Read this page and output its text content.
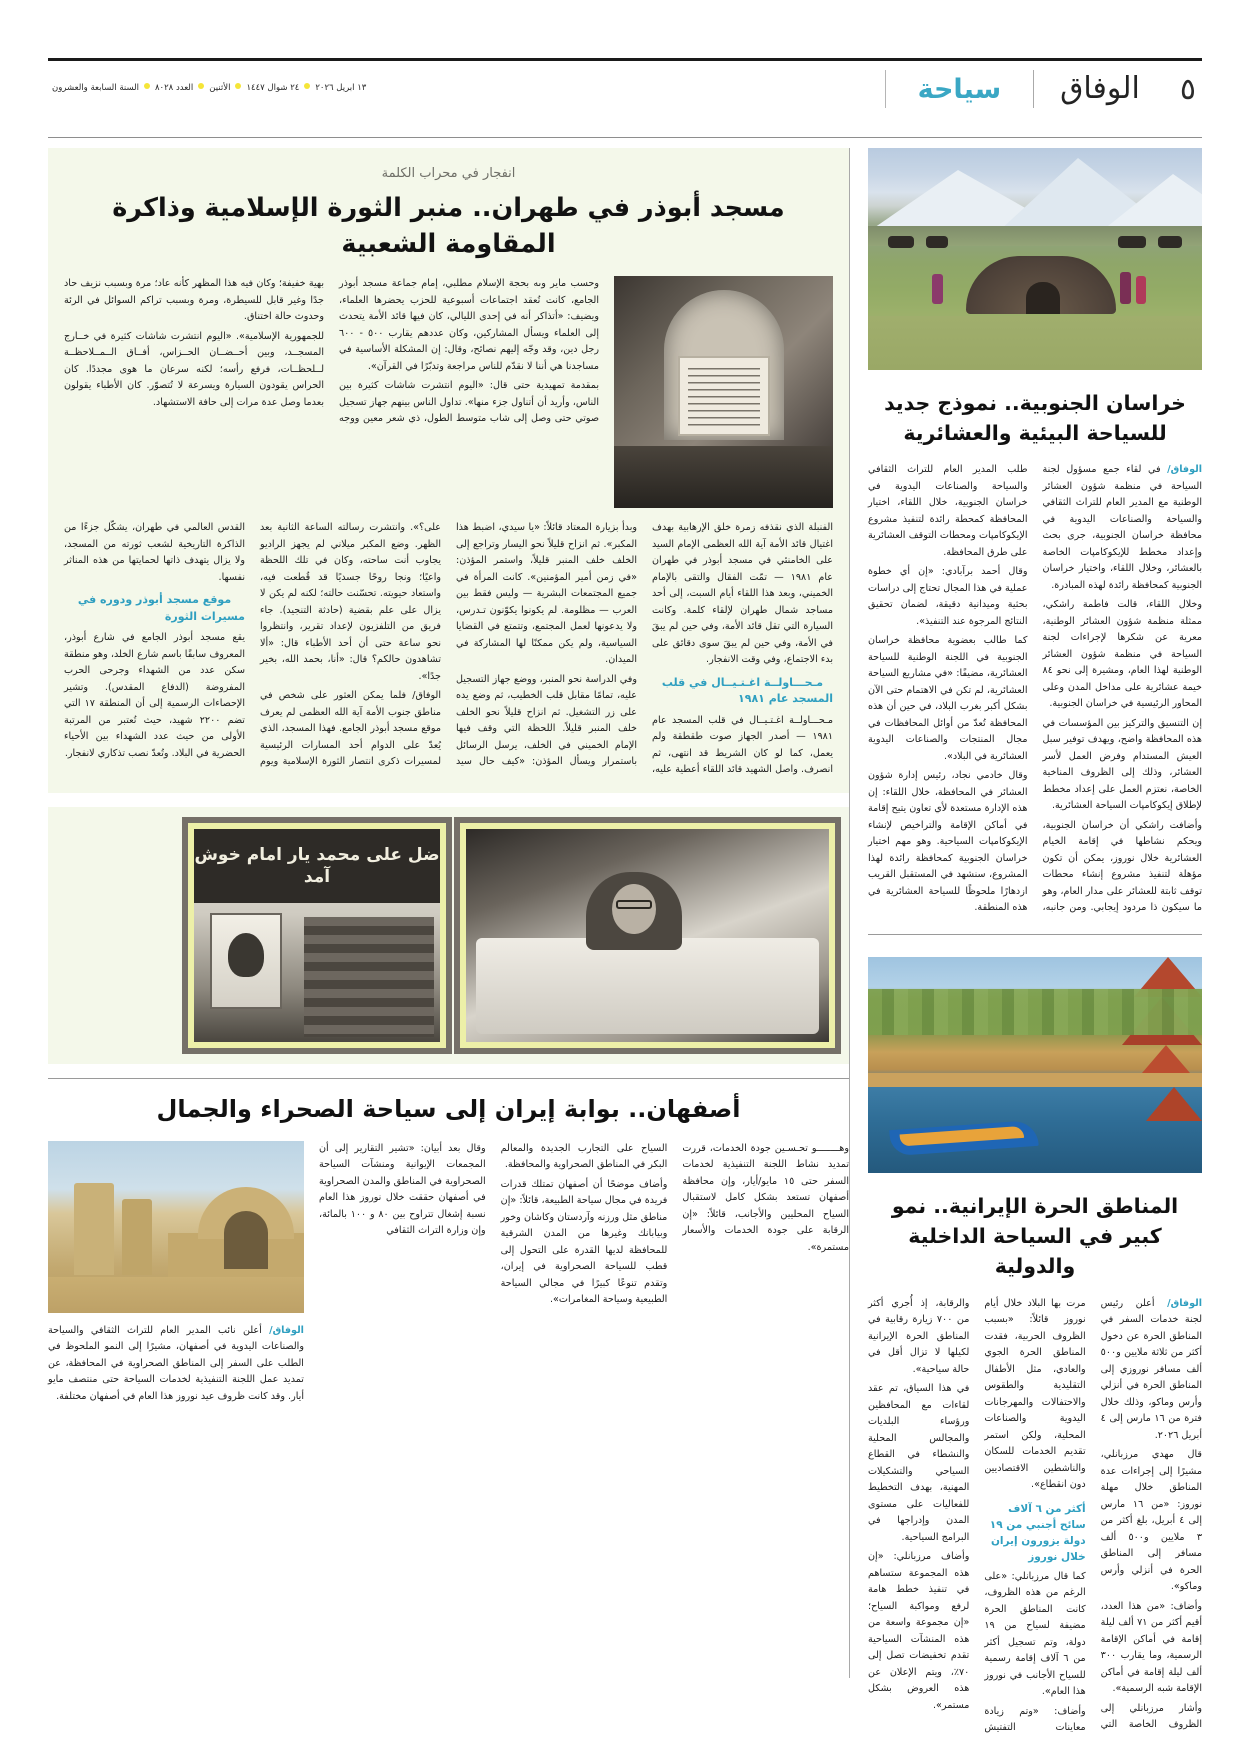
٥
الوفاق
سياحة
السنة السابعة والعشرون العدد ٨٠٢٨ الأثنين ٢٤ شوال ١٤٤٧ ١٣ ابريل ٢٠٢٦
خراسان الجنوبية.. نموذج جديد للسياحة البيئية والعشائرية

الوفاق/ في لقاء جمع مسؤول لجنة السياحة في منظمة شؤون العشائر الوطنية مع المدير العام للتراث الثقافي والسياحة والصناعات اليدوية في محافظة خراسان الجنوبية، جرى بحث وإعداد مخطط للإيكوكامپات الخاصة بالعشائر، وخلال اللقاء، واختيار خراسان الجنوبية كمحافظة رائدة لهذه المبادرة.

وخلال اللقاء، قالت فاطمة راشكي، ممثلة منظمة شؤون العشائر الوطنية، معرية عن شكرها لإجراءات لجنة السياحة في منظمة شؤون العشائر الوطنية لهذا العام، ومشيرة إلى نحو ٨٤ خيمة عشائرية على مداخل المدن وعلى المحاور الرئيسية في خراسان الجنوبية.

إن التنسيق والتركيز بين المؤسسات في هذه المحافظة واضح، ويهدف توفير سبل العيش المستدام وفرض العمل لأسر العشائر، وذلك إلى الظروف المناخية الخاصة، نعتزم العمل على إعداد مخطط لإطلاق إيكوكامپات السياحة العشائرية.

وأضافت راشكي أن خراسان الجنوبية، ويحكم نشاطها في إقامة الخيام العشائرية خلال نوروز، يمكن أن تكون مؤهلة لتنفيذ مشروع إنشاء محطات توقف ثابتة للعشائر على مدار العام، وهو ما سيكون ذا مردود إيجابي. ومن جانبه، طلب المدير العام للتراث الثقافي والسياحة والصناعات اليدوية في خراسان الجنوبية، خلال اللقاء، اختيار المحافظة كمحطة رائدة لتنفيذ مشروع الإيكوكامپات ومحطات التوقف العشائرية على طرق المحافظة.

وقال أحمد برآبادي: «إن أي خطوة عملية في هذا المجال تحتاج إلى دراسات بحثية وميدانية دقيقة، لضمان تحقيق النتائج المرجوة عند التنفيذ».

كما طالب بعضوية محافظة خراسان الجنوبية في اللجنة الوطنية للسياحة العشائرية، مضيفًا: «في مشاريع السياحة العشائرية، لم تكن في الاهتمام حتى الآن بشكل أكبر بغرب البلاد، في حين أن هذه المحافظة تُعدّ من أوائل المحافظات في مجال المنتجات والصناعات اليدوية العشائرية في البلاد».

وقال خادمي نجاد، رئيس إدارة شؤون العشائر في المحافظة، خلال اللقاء: إن هذه الإدارة مستعدة لأي تعاون يتيح إقامة في أماكن الإقامة والتراخيص لإنشاء الإيكوكامپات السياحية. وهو مهم اختيار خراسان الجنوبية كمحافظة رائدة لهذا المشروع، سنشهد في المستقبل القريب ازدهارًا ملحوظًا للسياحة العشائرية في هذه المنطقة.

المناطق الحرة الإيرانية.. نمو كبير في السياحة الداخلية والدولية

الوفاق/ أعلن رئيس لجنة خدمات السفر في المناطق الحرة عن دخول أكثر من ثلاثة ملايين و٥٠٠ ألف مسافر نوروزي إلى المناطق الحرة في أنزلي وأرس وماكو، وذلك خلال فترة من ١٦ مارس إلى ٤ أبريل ٢٠٢٦.

قال مهدي مرزبانلي، مشيرًا إلى إجراءات عدة المناطق خلال مهلة نوروز: «من ١٦ مارس إلى ٤ أبريل، بلغ أكثر من ٣ ملايين و٥٠٠ ألف مسافر إلى المناطق الحرة في أنزلي وأرس وماكو».

وأضاف: «من هذا العدد، أقيم أكثر من ٧١ ألف ليلة إقامة في أماكن الإقامة الرسمية، وما يقارب ٣٠٠ ألف ليلة إقامة في أماكن الإقامة شبه الرسمية».

وأشار مرزبانلي إلى الظروف الخاصة التي مرت بها البلاد خلال أيام نوروز قائلاً: «بسبب الظروف الحربية، فقدت المناطق الحرة الجوي والعادي، مثل الأطفال التقليدية والطقوس والاحتفالات والمهرجانات اليدوية والصناعات المحلية، ولكن استمر تقديم الخدمات للسكان والناشطين الاقتصاديين دون انقطاع».

أكثر من ٦ آلاف سائح أجنبي من ١٩ دولة يزورون إيران خلال نوروز

كما قال مرزبانلي: «على الرغم من هذه الظروف، كانت المناطق الحرة مضيفة لسياح من ١٩ دولة، وتم تسجيل أكثر من ٦ آلاف إقامة رسمية للسياح الأجانب في نوروز هذا العام».

وأضاف: «وتم زيادة معاينات التفتيش والرقابة، إذ أُجري أكثر من ٧٠٠ زيارة رقابية في المناطق الحرة الإيرانية لكيلها لا تزال أقل في حالة سياحية».

في هذا السياق، تم عقد لقاءات مع المحافظين ورؤساء البلديات والمجالس المحلية والنشطاء في القطاع السياحي والتشكيلات المهنية، بهدف التخطيط للفعاليات على مستوى المدن وإدراجها في البرامج السياحية.

وأضاف مرزبانلي: «إن هذه المجموعة ستساهم في تنفيذ خطط هامة لرفع ومواكبة السياح؛ «إن مجموعة واسعة من هذه المنشآت السياحية تقدم تخفيضات تصل إلى ٧٠٪، ويتم الإعلان عن هذه العروض بشكل مستمر».

انفجار في محراب الكلمة
مسجد أبوذر في طهران.. منبر الثورة الإسلامية وذاكرة المقاومة الشعبية

وحسب ماير وىه بحجة الإسلام مطلبي، إمام جماعة مسجد أبوذر الجامع، كانت تُعقد اجتماعات أسبوعية للحزب يحضرها العلماء، ويضيف: «أتذاكر أنه في إحدى الليالي، كان فيها قائد الأمة يتحدث إلى العلماء ويسأل المشاركين، وكان عددهم يقارب ٥٠٠ - ٦٠٠ رجل دين، وقد وجّه إليهم نصائح، وقال: إن المشكلة الأساسية في مساجدنا هي أننا لا نقدّم للناس مراجعة وتدبّرًا في القرآن».

بمقدمة تمهيدية حتى قال: «اليوم انتشرت شاشات كثيرة بين الناس، وأريد أن أتناول جزء منها». تداول الناس بينهم جهاز تسجيل صوتي حتى وصل إلى شاب متوسط الطول، ذي شعر معين ووجه بهية خفيفة؛ وكان فيه هذا المظهر كأنه عاد؛ مرة وبسبب نزيف حاد جدًا وغير قابل للسيطرة، ومرة وبسبب تراكم السوائل في الرئة وحدوث حالة اختناق.

للجمهورية الإسلامية». «اليوم انتشرت شاشات كثيرة في خــارج المسجــد، وبين أحــضــان الحــزاس، أفــاق الــمــلاحظــة لــلحظــات، فرفع رأسه؛ لكنه سرعان ما هوى مجددًا. كان الحراس يقودون السيارة ويسرعة لا تُتصوّر. كان الأطباء يقولون بعدما وصل عدة مرات إلى حافة الاستشهاد.

الفنبلة الذي نقذفه زمرة خلق الإرهابية بهدف اغتيال قائد الأمة آية الله العظمى الإمام السيد على الخامنئي في مسجد أبوذر في طهران عام ١٩٨١ — تمّت الفقال والتقى بالإمام الخميني، وبعد هذا اللقاء أيام السبت، إلى أحد مساجد شمال طهران لإلقاء كلمة. وكانت السيارة التي تقل قائد الأمة، وفي حين لم يبقَ في الأمة، وفي حين لم يبقَ سوى دقائق على بدء الاجتماع، وفي وقت الانفجار.

مـحـــاولــة اغـتـيــال في قلب المسجد عام ١٩٨١

مـحـــاولــة اغـتـيــال في قلب المسجد عام ١٩٨١ — أصدر الجهاز صوت طقطقة ولم يعمل، كما لو كان الشريط قد انتهى، ثم انصرف. واصل الشهيد قائد اللقاء أعطية عليه، وبدأ بزيارة المعتاد قائلاً: «يا سيدي، اضبط هذا المكبر». ثم انزاح قليلاً نحو اليسار وتراجع إلى الخلف خلف المنبر قليلاً، واستمر المؤذن: «في زمن أمير المؤمنين». كانت المرأة في جميع المجتمعات البشرية — وليس فقط بين العرب — مظلومة. لم يكونوا يكوّنون تـدرس، ولا يدعونها لعمل المجتمع، وتتمتع في القضايا السياسية، ولم يكن ممكنًا لها المشاركة في الميدان.

وفي الدراسة نحو المنبر، ووضع جهاز التسجيل عليه، تمامًا مقابل قلب الخطيب، ثم وضع يده على زر التشغيل. ثم انزاح قليلاً نحو الخلف خلف المنبر قليلاً. اللحظة التي وقف فيها الإمام الخميني في الخلف، يرسل الرسائل باستمرار ويسأل المؤذن: «كيف حال سيد على؟». وانتشرت رسالته الساعة الثانية بعد الظهر. وضع المكبر ميلاني لم يجهز الراديو يجاوب أنت ساحته، وكان في تلك اللحظة واعيًا؛ ونجا روحًا جسديًا قد قُطعت فيه، واستعاد حيويته. تحسّنت حالته؛ لكنه لم يكن لا يزال على علم بقضية (حادثة التنجيد). جاء فريق من التلفزيون لإعداد تقرير، وانتظروا نحو ساعة حتى أن أحد الأطباء قال: «ألا تشاهدون حالكم؟ قال: «أنا، بحمد الله، بخير جدًا».

الوفاق/ فلما يمكن العثور على شخص في مناطق جنوب الأمة آية الله العظمى لم يعرف موقع مسجد أبوذر الجامع. فهذا المسجد، الذي يُعدّ على الدوام أحد المسارات الرئيسية لمسيرات ذكرى انتصار الثورة الإسلامية ويوم القدس العالمي في طهران، يشكّل جزءًا من الذاكرة التاريخية لشعب ثورته من المسجد، ولا يزال يتهدف ذاتها لحمايتها من هذه المناثر نفسها.

موقع مسجد أبوذر ودوره في مسيرات الثورة

يقع مسجد أبوذر الجامع في شارع أبوذر، المعروف سابقًا باسم شارع الخلد، وهو منطقة سكن عدد من الشهداء وجرحى الحرب المفروضة (الدفاع المقدس). وتشير الإحصاءات الرسمية إلى أن المنطقة ١٧ التي تضم ٢٢٠٠ شهيد، حيث تُعتبر من المرتبة الأولى من حيث عدد الشهداء بين الأحياء الحضرية في البلاد. وتُعدّ نصب تذكاري لانفجار.

ضل على محمد يار امام خوش آمد
أصفهان.. بوابة إيران إلى سياحة الصحراء والجمال

وهــــــــو تحـسـين جودة الخدمات، قررت تمديد نشاط اللجنة التنفيذية لخدمات السفر حتى ١٥ مايو/أيار، وإن محافظة أصفهان تستعد بشكل كامل لاستقبال السياح المحليين والأجانب، قائلاً: «إن الرقابة على جودة الخدمات والأسعار مستمرة».

السياح على التجارب الجديدة والمعالم البكر في المناطق الصحراوية والمحافظة.

وأضاف موضحًا أن أصفهان تمتلك قدرات فريدة في مجال سياحة الطبيعة، قائلاً: «إن مناطق مثل ورزنه وآردستان وكاشان وخور وبيابانك وغيرها من المدن الشرقية للمحافظة لديها القدرة على التحول إلى قطب للسياحة الصحراوية في إيران، وتقدم تنوعًا كبيرًا في مجالي السياحة الطبيعية وسياحة المغامرات».

وقال بعد أبيان: «تشير التقارير إلى أن المجمعات الإيوانية ومنشآت السياحة الصحراوية في المناطق والمدن الصحراوية في أصفهان حققت خلال نوروز هذا العام نسبة إشغال تتراوح بين ٨٠ و ١٠٠ بالمائة، وإن وزارة التراث الثقافي

الوفاق/ أعلن نائب المدير العام للتراث الثقافي والسياحة والصناعات اليدوية في أصفهان، مشيرًا إلى النمو الملحوظ في الطلب على السفر إلى المناطق الصحراوية في المحافظة، عن تمديد عمل اللجنة التنفيذية لخدمات السياحة حتى منتصف مايو أيار. وقد كانت ظروف عيد نوروز هذا العام في أصفهان مختلفة.
